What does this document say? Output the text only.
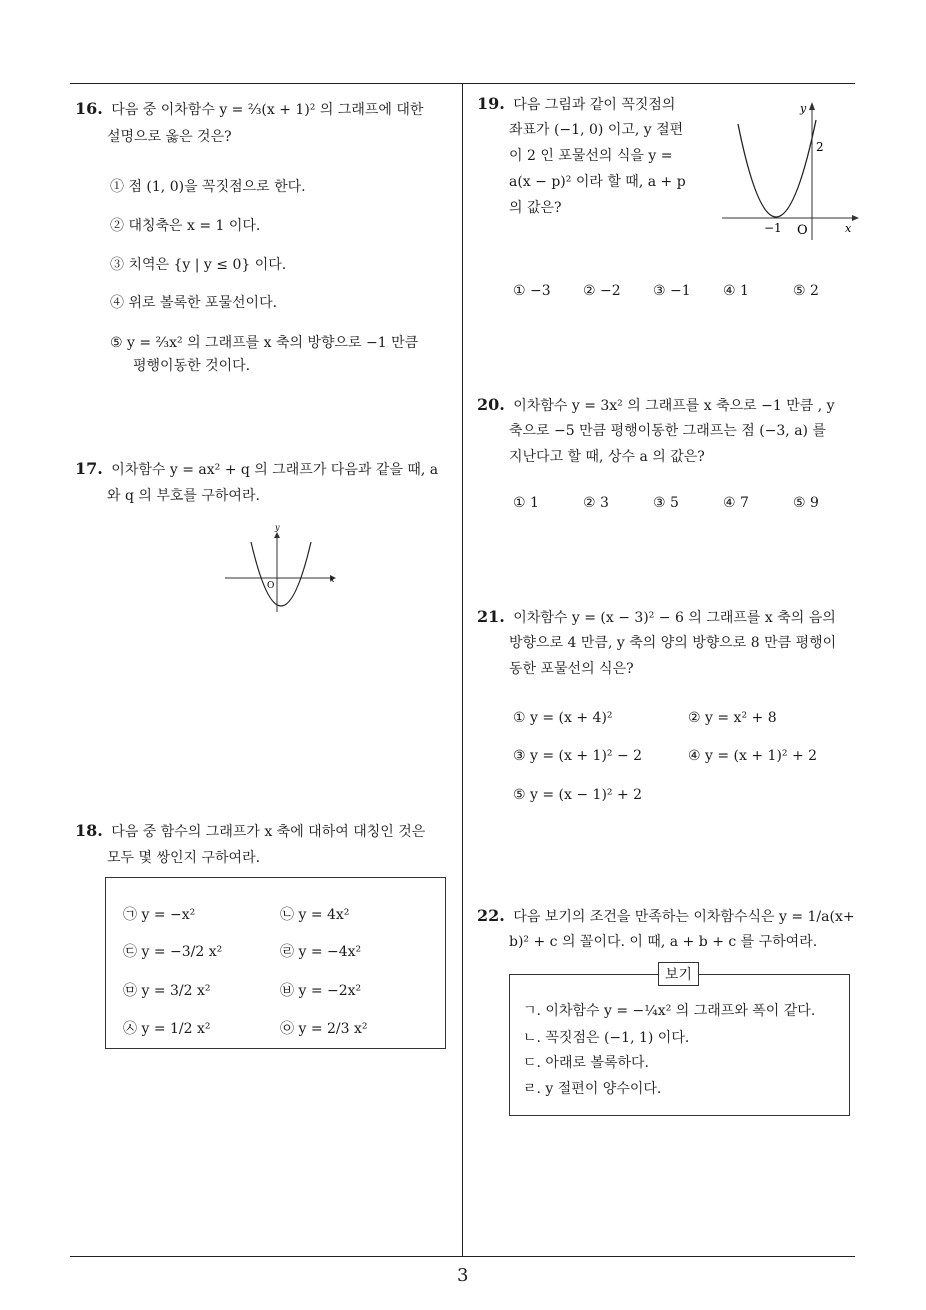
16. 다음 중 이차함수 y = ⅔(x + 1)² 의 그래프에 대한
설명으로 옳은 것은?
① 점 (1, 0)을 꼭짓점으로 한다.
② 대칭축은 x = 1 이다.
③ 치역은 {y | y ≤ 0} 이다.
④ 위로 볼록한 포물선이다.
⑤ y = ⅔x² 의 그래프를 x 축의 방향으로 −1 만큼
평행이동한 것이다.
17. 이차함수 y = ax² + q 의 그래프가 다음과 같을 때, a
와 q 의 부호를 구하여라.
y
x
O
18. 다음 중 함수의 그래프가 x 축에 대하여 대칭인 것은
모두 몇 쌍인지 구하여라.
㉠ y = −x²	㉡ y = 4x²
㉢ y = −3/2 x²	㉣ y = −4x²
㉤ y = 3/2 x²	㉥ y = −2x²
㉦ y = 1/2 x²	㉧ y = 2/3 x²
19. 다음 그림과 같이 꼭짓점의
좌표가 (−1, 0) 이고, y 절편
이 2 인 포물선의 식을 y =
a(x − p)² 이라 할 때, a + p
의 값은?
y
2
x
−1 O
① −3 ② −2 ③ −1 ④ 1	⑤ 2
20. 이차함수 y = 3x² 의 그래프를 x 축으로 −1 만큼 , y
축으로 −5 만큼 평행이동한 그래프는 점 (−3, a) 를
지난다고 할 때, 상수 a 의 값은?
① 1	② 3	③ 5	④ 7	⑤ 9
21. 이차함수 y = (x − 3)² − 6 의 그래프를 x 축의 음의
방향으로 4 만큼, y 축의 양의 방향으로 8 만큼 평행이
동한 포물선의 식은?
① y = (x + 4)²	② y = x² + 8
③ y = (x + 1)² − 2	④ y = (x + 1)² + 2
⑤ y = (x − 1)² + 2
22. 다음 보기의 조건을 만족하는 이차함수식은 y = 1/a(x+
b)² + c 의 꼴이다. 이 때, a + b + c 를 구하여라.
보기
ㄱ. 이차함수 y = −¼x² 의 그래프와 폭이 같다.
ㄴ. 꼭짓점은 (−1, 1) 이다.
ㄷ. 아래로 볼록하다.
ㄹ. y 절편이 양수이다.
3
